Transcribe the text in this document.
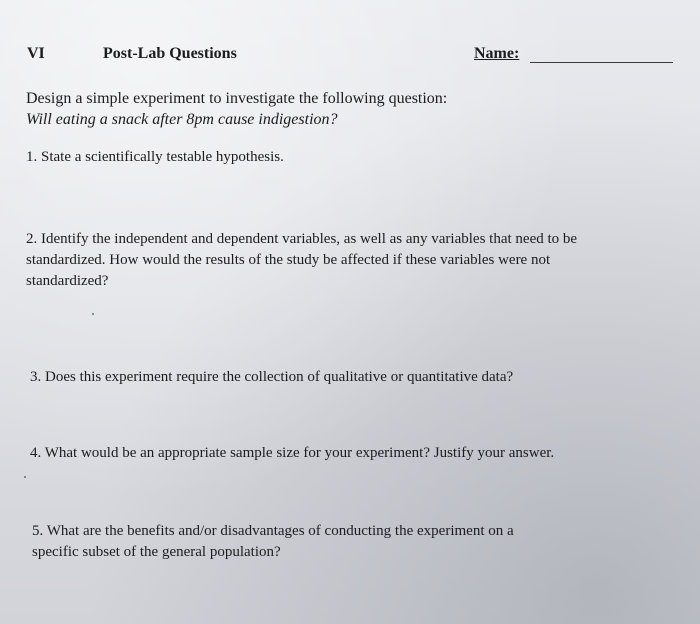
VI	Post-Lab Questions	Name:
Design a simple experiment to investigate the following question:
Will eating a snack after 8pm cause indigestion?
1. State a scientifically testable hypothesis.
2. Identify the independent and dependent variables, as well as any variables that need to be
standardized. How would the results of the study be affected if these variables were not
standardized?
3. Does this experiment require the collection of qualitative or quantitative data?
4. What would be an appropriate sample size for your experiment? Justify your answer.
5. What are the benefits and/or disadvantages of conducting the experiment on a
specific subset of the general population?
